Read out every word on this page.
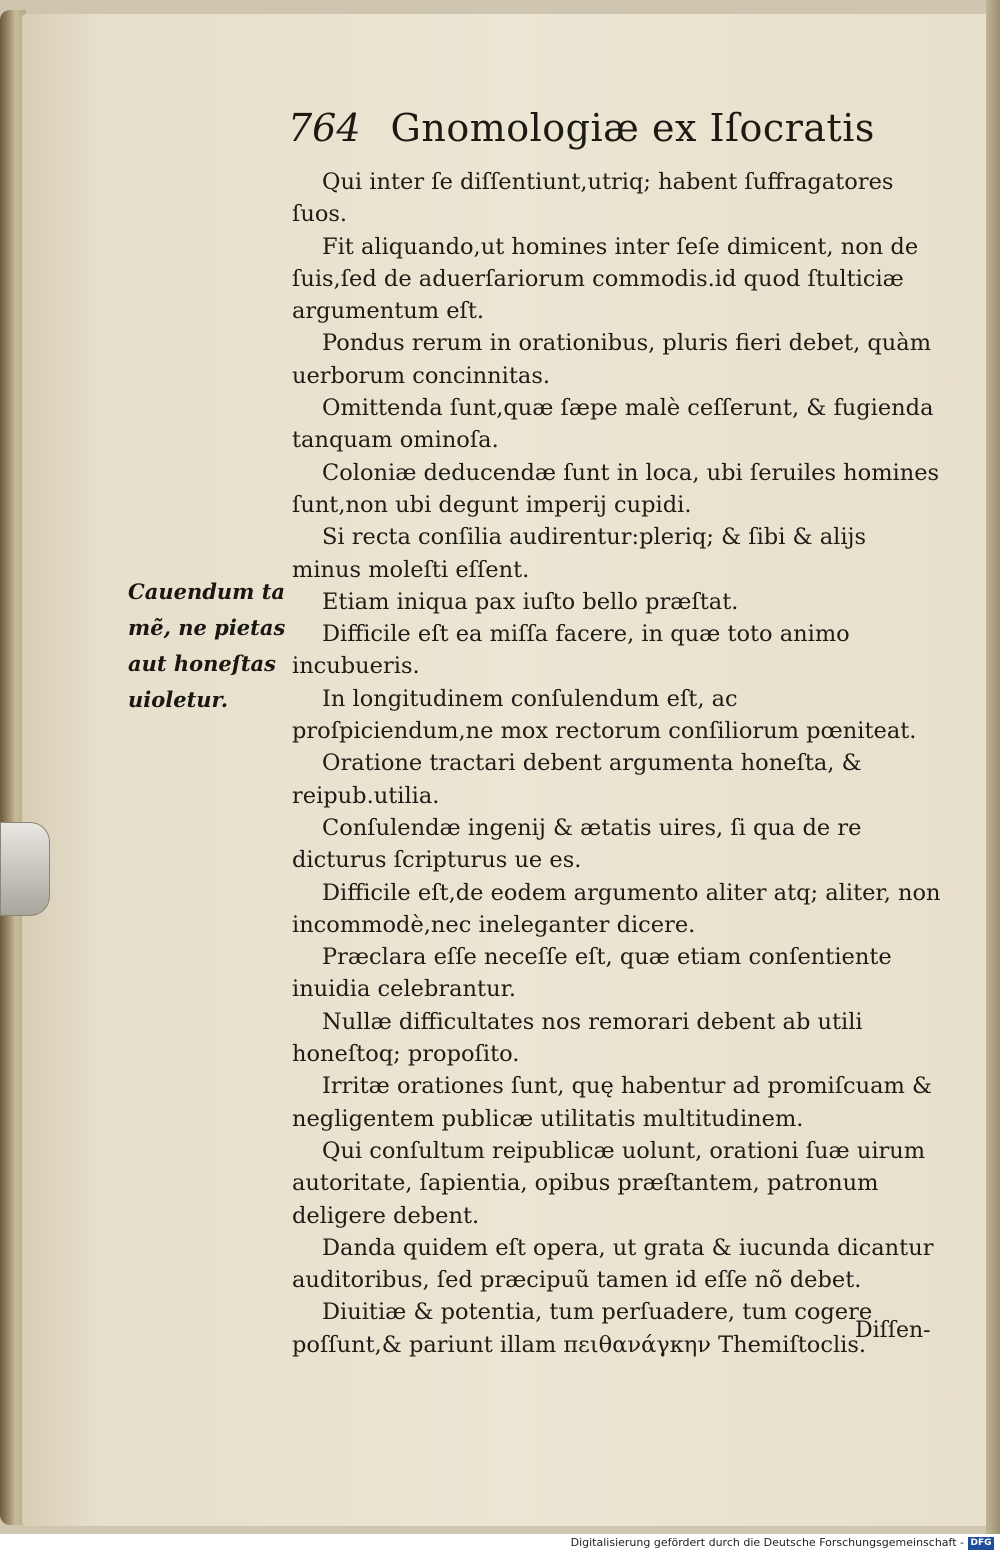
764 Gnomologiæ ex Iſocratis
Cauendum ta
mẽ, ne pietas
aut honeſtas
uioletur.

Qui inter ſe diſſentiunt,utriq; habent ſuffragatores ſuos.

Fit aliquando,ut homines inter ſeſe dimicent, non de ſuis,ſed de aduerſariorum commodis.id quod ſtulticiæ argumentum eſt.

Pondus rerum in orationibus, pluris fieri debet, quàm uerborum concinnitas.

Omittenda ſunt,quæ ſæpe malè ceſſerunt, & fugienda tanquam ominoſa.

Coloniæ deducendæ ſunt in loca, ubi ſeruiles homines ſunt,non ubi degunt imperij cupidi.

Si recta conſilia audirentur:pleriq; & ſibi & alijs minus moleſti eſſent.

Etiam iniqua pax iuſto bello præſtat.

Difficile eſt ea miſſa facere, in quæ toto animo incubueris.

In longitudinem conſulendum eſt, ac proſpiciendum,ne mox rectorum conſiliorum pœniteat.

Oratione tractari debent argumenta honeſta, & reipub.utilia.

Conſulendæ ingenij & ætatis uires, ſi qua de re dicturus ſcripturus ue es.

Difficile eſt,de eodem argumento aliter atq; aliter, non incommodè,nec ineleganter dicere.

Præclara eſſe neceſſe eſt, quæ etiam conſentiente inuidia celebrantur.

Nullæ difficultates nos remorari debent ab utili honeſtoq; propoſito.

Irritæ orationes ſunt, quę habentur ad promiſcuam & negligentem publicæ utilitatis multitudinem.

Qui conſultum reipublicæ uolunt, orationi ſuæ uirum autoritate, ſapientia, opibus præſtantem, patronum deligere debent.

Danda quidem eſt opera, ut grata & iucunda dicantur auditoribus, ſed præcipuũ tamen id eſſe nõ debet.

Diuitiæ & potentia, tum perſuadere, tum cogere poſſunt,& pariunt illam πειθανάγκην Themiſtoclis.

Diſſen-
Digitalisierung gefördert durch die Deutsche Forschungsgemeinschaft - DFG
